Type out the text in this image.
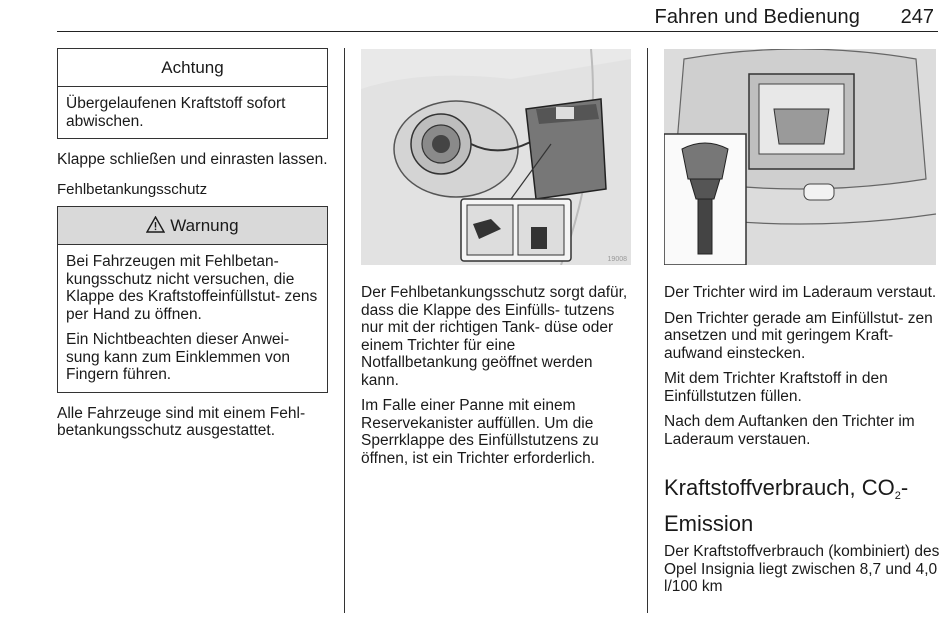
Fahren und Bedienung 247
Achtung

Übergelaufenen Kraftstoff sofort abwischen.

Klappe schließen und einrasten lassen.

Fehlbetankungsschutz

Warnung

Bei Fahrzeugen mit Fehlbetan- kungsschutz nicht versuchen, die Klappe des Kraftstoffeinfüllstut- zens per Hand zu öffnen.

Ein Nichtbeachten dieser Anwei- sung kann zum Einklemmen von Fingern führen.

Alle Fahrzeuge sind mit einem Fehl- betankungsschutz ausgestattet.

19008

Der Fehlbetankungsschutz sorgt dafür, dass die Klappe des Einfülls- tutzens nur mit der richtigen Tank- düse oder einem Trichter für eine Notfallbetankung geöffnet werden kann.

Im Falle einer Panne mit einem Reservekanister auffüllen. Um die Sperrklappe des Einfüllstutzens zu öffnen, ist ein Trichter erforderlich.

Der Trichter wird im Laderaum verstaut.

Den Trichter gerade am Einfüllstut- zen ansetzen und mit geringem Kraft- aufwand einstecken.

Mit dem Trichter Kraftstoff in den Einfüllstutzen füllen.

Nach dem Auftanken den Trichter im Laderaum verstauen.

Kraftstoffverbrauch, $CO_2-$
Emission

Der Kraftstoffverbrauch (kombiniert) des Opel Insignia liegt zwischen 8,7 und 4,0 l/100 km
